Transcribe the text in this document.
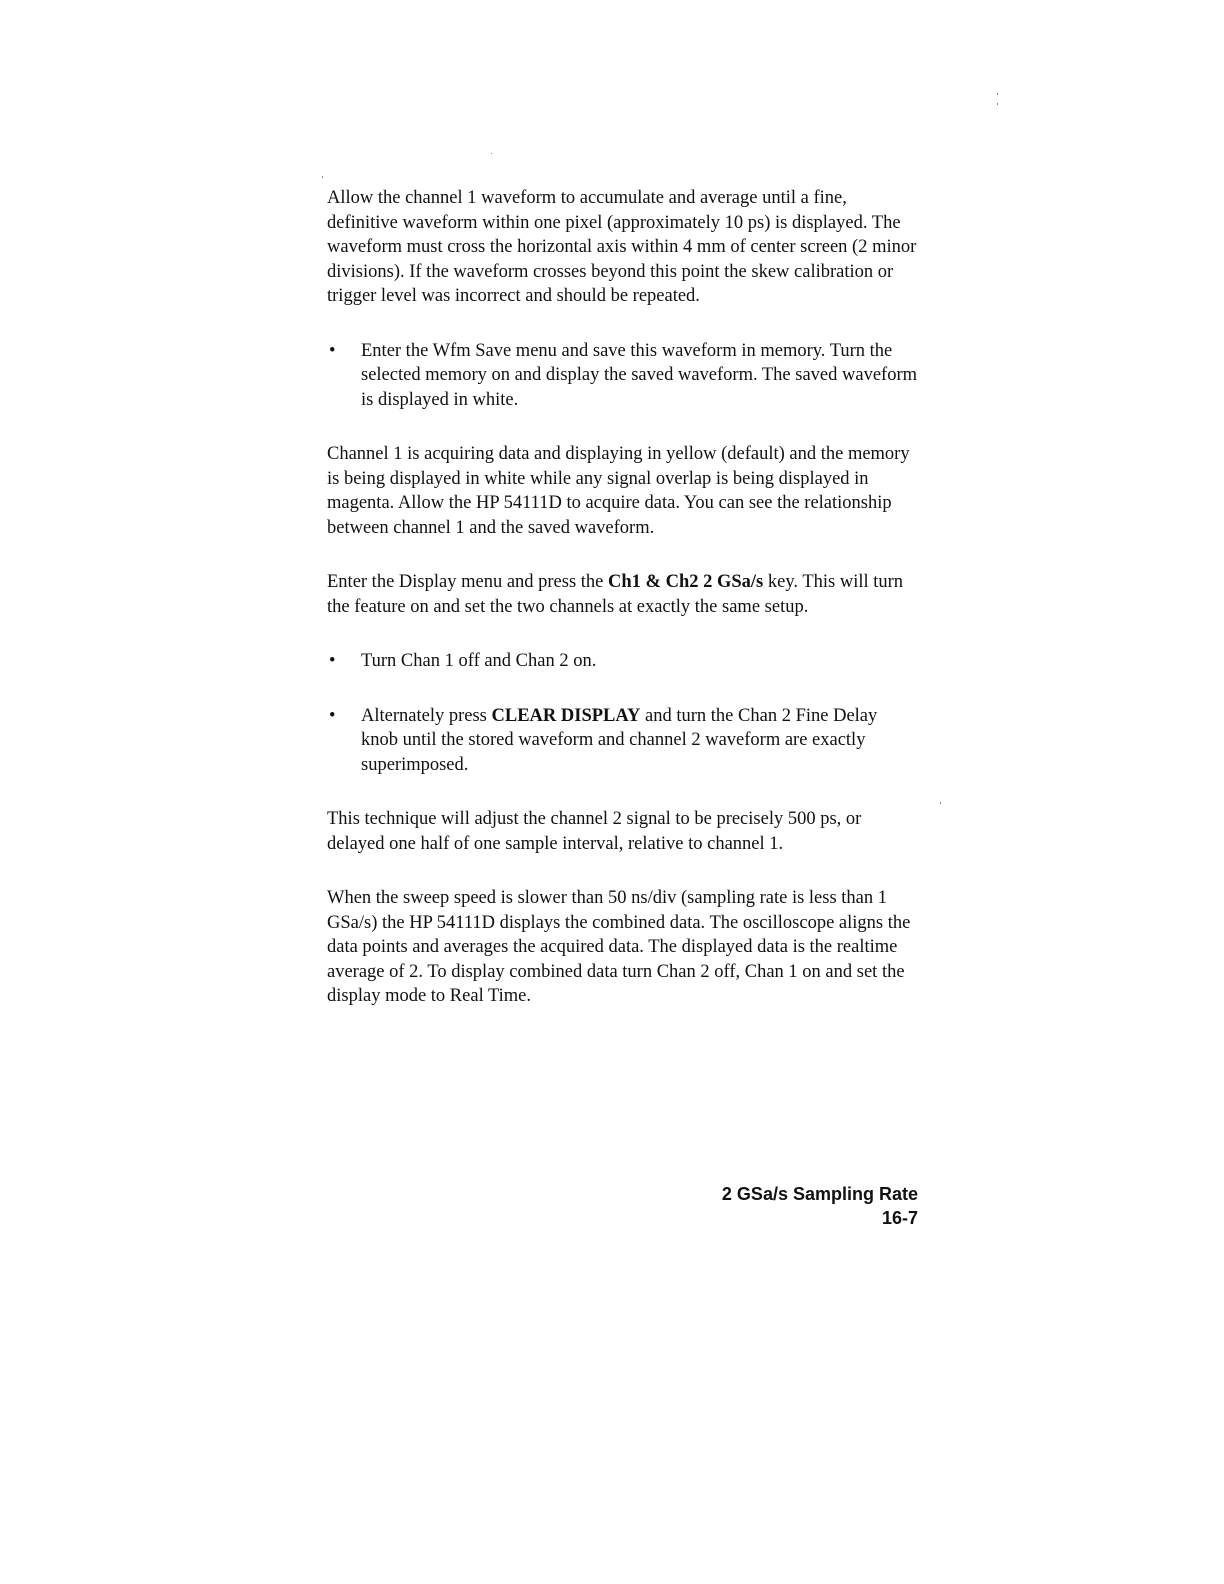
Allow the channel 1 waveform to accumulate and average until a fine, definitive waveform within one pixel (approximately 10 ps) is displayed. The waveform must cross the horizontal axis within 4 mm of center screen (2 minor divisions). If the waveform crosses beyond this point the skew calibration or trigger level was incorrect and should be repeated.

• Enter the Wfm Save menu and save this waveform in memory. Turn the selected memory on and display the saved waveform. The saved waveform is displayed in white.

Channel 1 is acquiring data and displaying in yellow (default) and the memory is being displayed in white while any signal overlap is being displayed in magenta. Allow the HP 54111D to acquire data. You can see the relationship between channel 1 and the saved waveform.

Enter the Display menu and press the Ch1 & Ch2 2 GSa/s key. This will turn the feature on and set the two channels at exactly the same setup.

• Turn Chan 1 off and Chan 2 on.
• Alternately press CLEAR DISPLAY and turn the Chan 2 Fine Delay knob until the stored waveform and channel 2 waveform are exactly superimposed.

This technique will adjust the channel 2 signal to be precisely 500 ps, or delayed one half of one sample interval, relative to channel 1.

When the sweep speed is slower than 50 ns/div (sampling rate is less than 1 GSa/s) the HP 54111D displays the combined data. The oscilloscope aligns the data points and averages the acquired data. The displayed data is the realtime average of 2. To display combined data turn Chan 2 off, Chan 1 on and set the display mode to Real Time.

2 GSa/s Sampling Rate
16-7
